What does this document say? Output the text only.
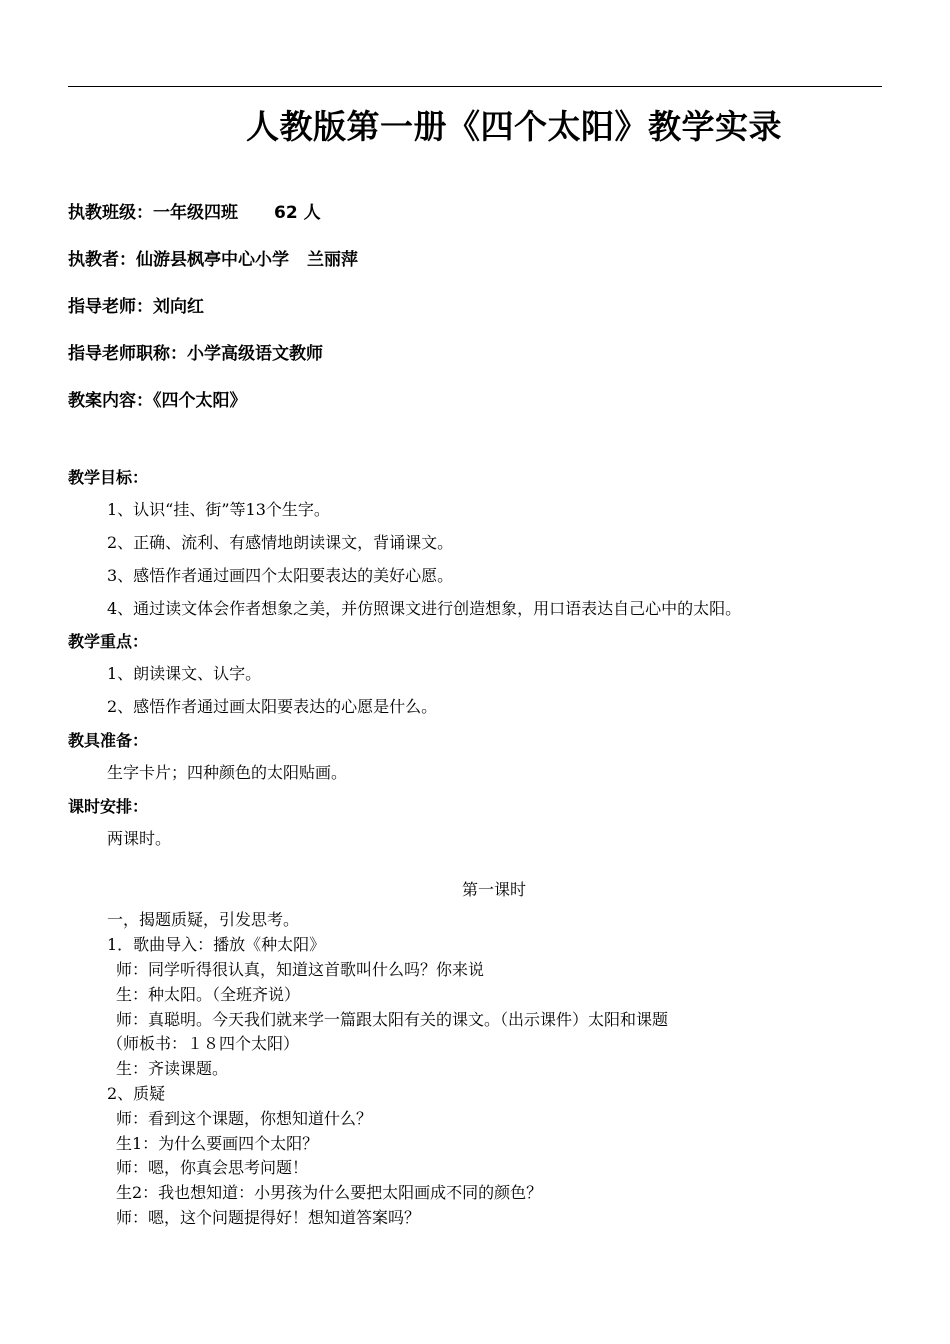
人教版第一册《四个太阳》教学实录
执教班级：一年级四班 62 人
执教者：仙游县枫亭中心小学 兰丽萍
指导老师：刘向红
指导老师职称：小学高级语文教师
教案内容：《四个太阳》
教学目标：
1、认识“挂、街”等13个生字。
2、正确、流利、有感情地朗读课文，背诵课文。
3、感悟作者通过画四个太阳要表达的美好心愿。
4、通过读文体会作者想象之美，并仿照课文进行创造想象，用口语表达自己心中的太阳。
教学重点：
1、朗读课文、认字。
2、感悟作者通过画太阳要表达的心愿是什么。
教具准备：
生字卡片；四种颜色的太阳贴画。
课时安排：
两课时。
第一课时
一，揭题质疑，引发思考。
1．歌曲导入：播放《种太阳》
师：同学听得很认真，知道这首歌叫什么吗？你来说
生：种太阳。（全班齐说）
师：真聪明。今天我们就来学一篇跟太阳有关的课文。（出示课件）太阳和课题
（师板书：１８四个太阳）
生：齐读课题。
2、质疑
师：看到这个课题，你想知道什么？
生1：为什么要画四个太阳？
师：嗯，你真会思考问题！
生2：我也想知道：小男孩为什么要把太阳画成不同的颜色？
师：嗯，这个问题提得好！想知道答案吗？
